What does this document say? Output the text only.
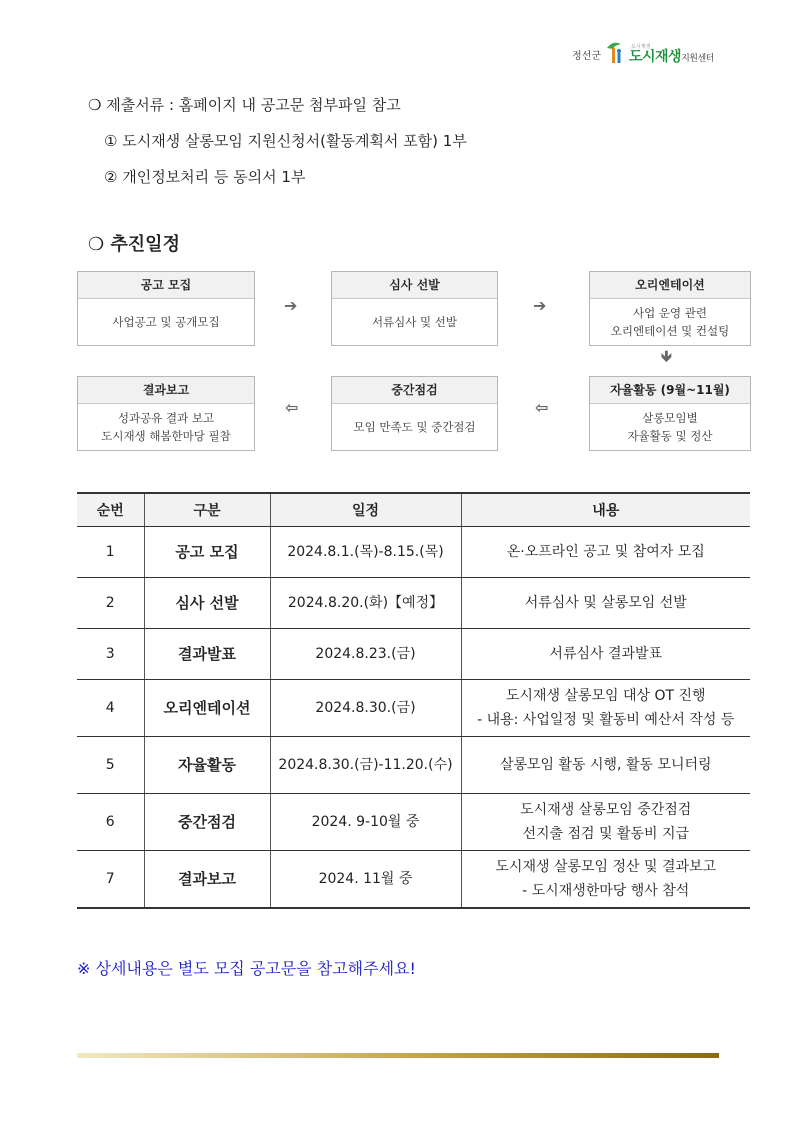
정선군
도시재생
도시재생지원센터
❍ 제출서류 : 홈페이지 내 공고문 첨부파일 참고
① 도시재생 살롱모임 지원신청서(활동계획서 포함) 1부
② 개인정보처리 등 동의서 1부
❍ 추진일정
공고 모집
사업공고 및 공개모집
➔
심사 선발
서류심사 및 선발
➔
오리엔테이션
사업 운영 관련
오리엔테이션 및 컨설팅
🡻
자율활동 (9월~11월)
살롱모임별
자율활동 및 정산
⇦
중간점검
모임 만족도 및 중간점검
⇦
결과보고
성과공유 결과 보고
도시재생 해봄한마당 필참
순번	구분	일정	내용
1	공고 모집	2024.8.1.(목)-8.15.(목)	온·오프라인 공고 및 참여자 모집

2	심사 선발	2024.8.20.(화)【예정】	서류심사 및 살롱모임 선발

3	결과발표	2024.8.23.(금)	서류심사 결과발표

4	오리엔테이션	2024.8.30.(금)	도시재생 살롱모임 대상 OT 진행
- 내용: 사업일정 및 활동비 예산서 작성 등

5	자율활동	2024.8.30.(금)-11.20.(수)	살롱모임 활동 시행, 활동 모니터링

6	중간점검	2024. 9-10월 중	도시재생 살롱모임 중간점검
선지출 점검 및 활동비 지급

7	결과보고	2024. 11월 중	도시재생 살롱모임 정산 및 결과보고
- 도시재생한마당 행사 참석
※ 상세내용은 별도 모집 공고문을 참고해주세요!
